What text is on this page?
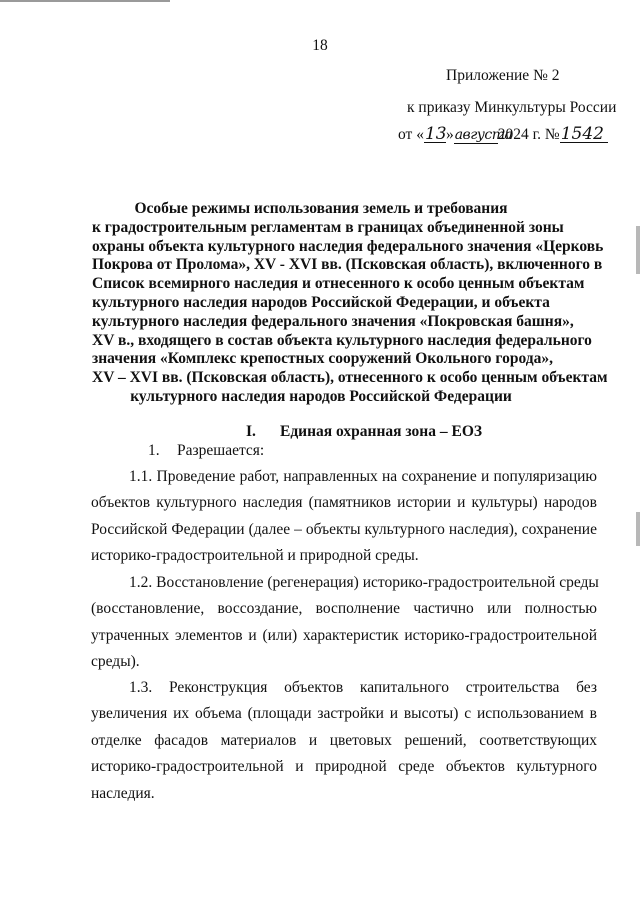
18
Приложение № 2
к приказу Минкультуры России
от «13»августа2024 г. №1542
Особые режимы использования земель и требования
к градостроительным регламентам в границах объединенной зоны
охраны объекта культурного наследия федерального значения «Церковь
Покрова от Пролома», XV - XVI вв. (Псковская область), включенного в
Список всемирного наследия и отнесенного к особо ценным объектам
культурного наследия народов Российской Федерации, и объекта
культурного наследия федерального значения «Покровская башня»,
XV в., входящего в состав объекта культурного наследия федерального
значения «Комплекс крепостных сооружений Окольного города»,
XV – XVI вв. (Псковская область), отнесенного к особо ценным объектам
культурного наследия народов Российской Федерации
I. Единая охранная зона – ЕОЗ
1. Разрешается:
1.1. Проведение работ, направленных на сохранение и популяризацию
объектов культурного наследия (памятников истории и культуры) народов
Российской Федерации (далее – объекты культурного наследия), сохранение
историко-градостроительной и природной среды.
1.2. Восстановление (регенерация) историко-градостроительной среды
(восстановление, воссоздание, восполнение частично или полностью
утраченных элементов и (или) характеристик историко-градостроительной
среды).
1.3. Реконструкция объектов капитального строительства без
увеличения их объема (площади застройки и высоты) с использованием в
отделке фасадов материалов и цветовых решений, соответствующих
историко-градостроительной и природной среде объектов культурного
наследия.
